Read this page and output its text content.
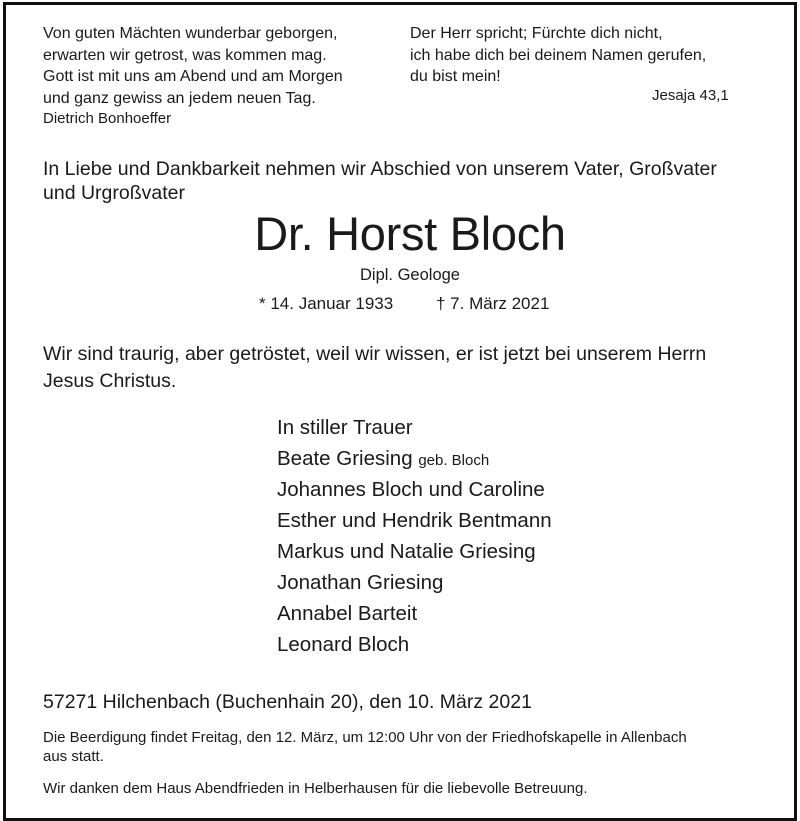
Von guten Mächten wunderbar geborgen,
erwarten wir getrost, was kommen mag.
Gott ist mit uns am Abend und am Morgen
und ganz gewiss an jedem neuen Tag.
Dietrich Bonhoeffer
Der Herr spricht; Fürchte dich nicht,
ich habe dich bei deinem Namen gerufen,
du bist mein!
Jesaja 43,1
In Liebe und Dankbarkeit nehmen wir Abschied von unserem Vater, Großvater
und Urgroßvater
Dr. Horst Bloch
Dipl. Geologe
* 14. Januar 1933	† 7. März 2021
Wir sind traurig, aber getröstet, weil wir wissen, er ist jetzt bei unserem Herrn
Jesus Christus.
In stiller Trauer
Beate Griesing geb. Bloch
Johannes Bloch und Caroline
Esther und Hendrik Bentmann
Markus und Natalie Griesing
Jonathan Griesing
Annabel Barteit
Leonard Bloch
57271 Hilchenbach (Buchenhain 20), den 10. März 2021
Die Beerdigung findet Freitag, den 12. März, um 12:00 Uhr von der Friedhofskapelle in Allenbach
aus statt.
Wir danken dem Haus Abendfrieden in Helberhausen für die liebevolle Betreuung.
